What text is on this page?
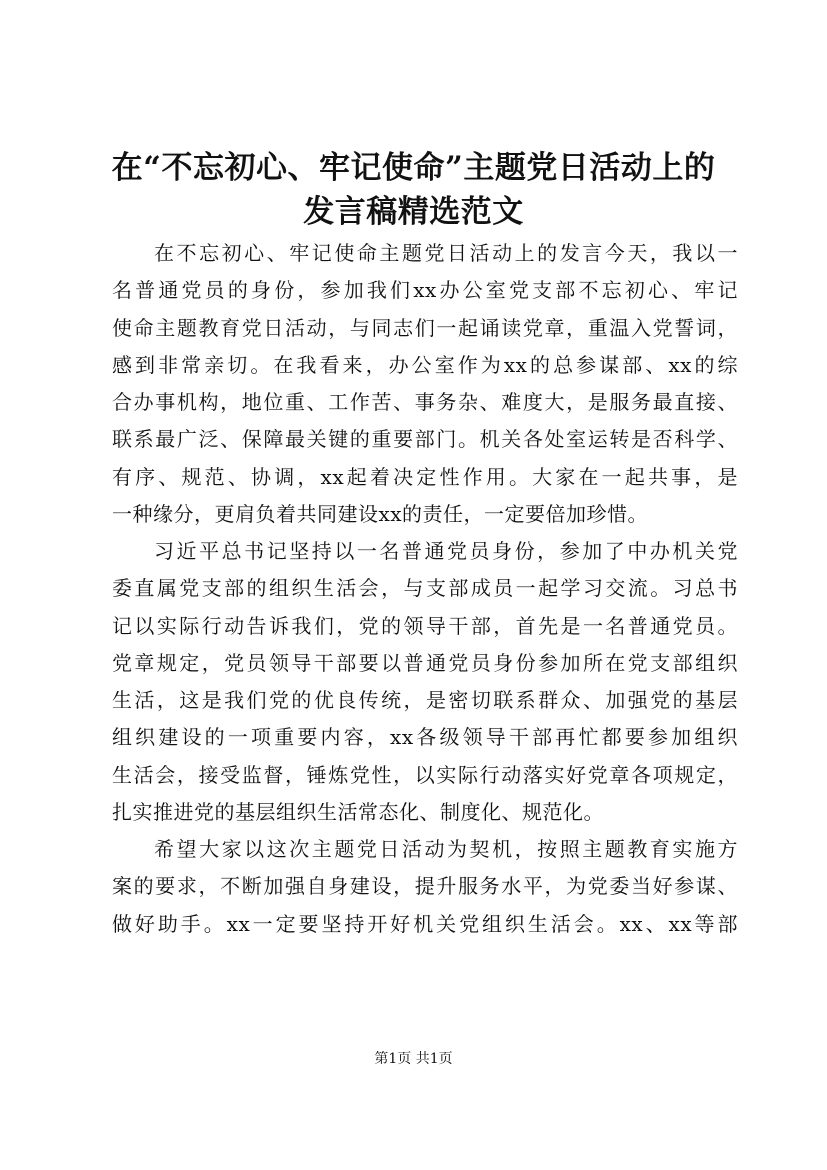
在“不忘初心、牢记使命”主题党日活动上的
发言稿精选范文

在不忘初心、牢记使命主题党日活动上的发言今天，我以一
名普通党员的身份，参加我们xx办公室党支部不忘初心、牢记
使命主题教育党日活动，与同志们一起诵读党章，重温入党誓词，
感到非常亲切。在我看来，办公室作为xx的总参谋部、xx的综
合办事机构，地位重、工作苦、事务杂、难度大，是服务最直接、
联系最广泛、保障最关键的重要部门。机关各处室运转是否科学、
有序、规范、协调，xx起着决定性作用。大家在一起共事，是
一种缘分，更肩负着共同建设xx的责任，一定要倍加珍惜。

习近平总书记坚持以一名普通党员身份，参加了中办机关党
委直属党支部的组织生活会，与支部成员一起学习交流。习总书
记以实际行动告诉我们，党的领导干部，首先是一名普通党员。
党章规定，党员领导干部要以普通党员身份参加所在党支部组织
生活，这是我们党的优良传统，是密切联系群众、加强党的基层
组织建设的一项重要内容，xx各级领导干部再忙都要参加组织
生活会，接受监督，锤炼党性，以实际行动落实好党章各项规定，
扎实推进党的基层组织生活常态化、制度化、规范化。

希望大家以这次主题党日活动为契机，按照主题教育实施方
案的要求，不断加强自身建设，提升服务水平，为党委当好参谋、
做好助手。xx一定要坚持开好机关党组织生活会。xx、xx等部

第1页 共1页
